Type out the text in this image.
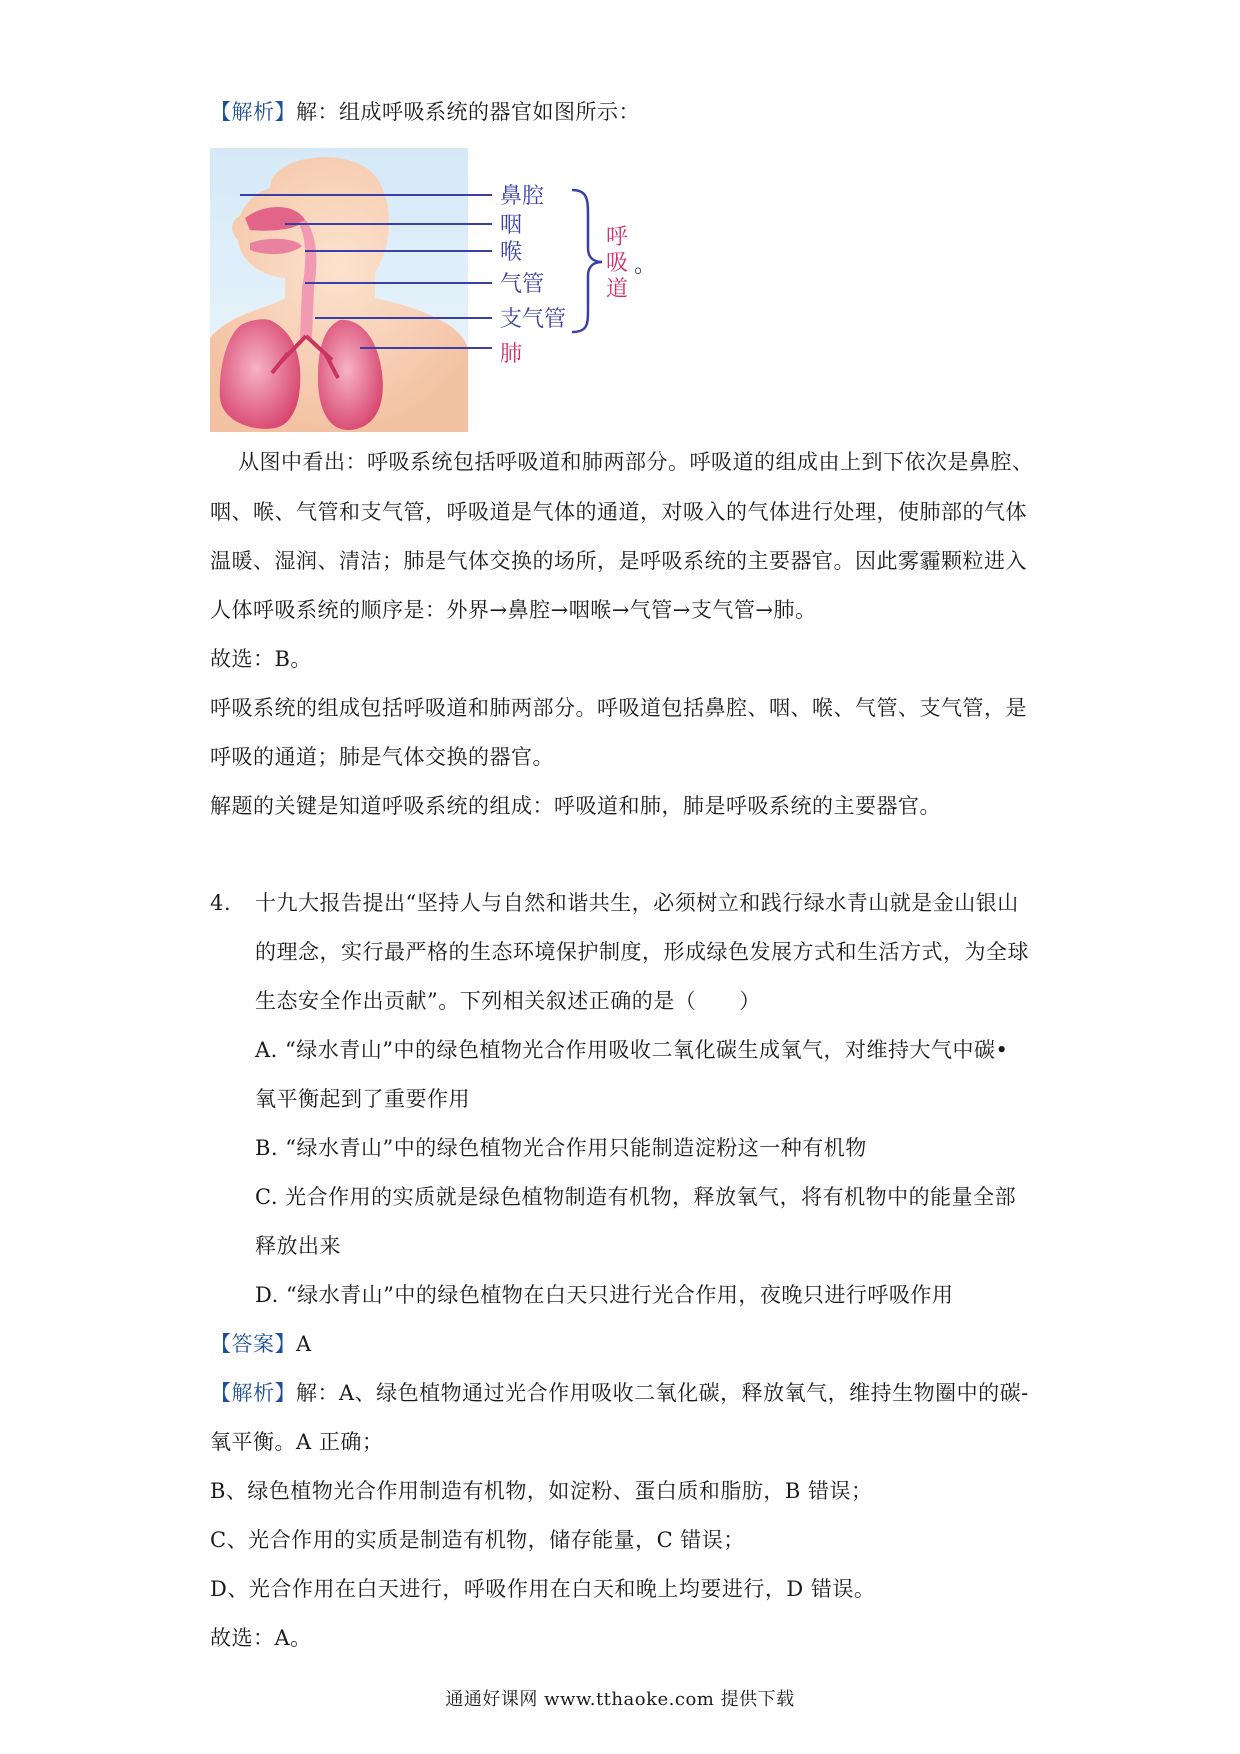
【解析】解：组成呼吸系统的器官如图所示：
鼻腔
咽
喉
气管
支气管
肺
呼 吸 道
。
从图中看出：呼吸系统包括呼吸道和肺两部分。呼吸道的组成由上到下依次是鼻腔、
咽、喉、气管和支气管，呼吸道是气体的通道，对吸入的气体进行处理，使肺部的气体
温暖、湿润、清洁；肺是气体交换的场所，是呼吸系统的主要器官。因此雾霾颗粒进入
人体呼吸系统的顺序是：外界→鼻腔→咽喉→气管→支气管→肺。
故选：B。
呼吸系统的组成包括呼吸道和肺两部分。呼吸道包括鼻腔、咽、喉、气管、支气管，是
呼吸的通道；肺是气体交换的器官。
解题的关键是知道呼吸系统的组成：呼吸道和肺，肺是呼吸系统的主要器官。
4. 十九大报告提出“坚持人与自然和谐共生，必须树立和践行绿水青山就是金山银山
的理念，实行最严格的生态环境保护制度，形成绿色发展方式和生活方式，为全球
生态安全作出贡献”。下列相关叙述正确的是（　　）
A. “绿水青山”中的绿色植物光合作用吸收二氧化碳生成氧气，对维持大气中碳•
氧平衡起到了重要作用
B. “绿水青山”中的绿色植物光合作用只能制造淀粉这一种有机物
C. 光合作用的实质就是绿色植物制造有机物，释放氧气，将有机物中的能量全部
释放出来
D. “绿水青山”中的绿色植物在白天只进行光合作用，夜晚只进行呼吸作用
【答案】A
【解析】解：A、绿色植物通过光合作用吸收二氧化碳，释放氧气，维持生物圈中的碳-
氧平衡。A 正确；
B、绿色植物光合作用制造有机物，如淀粉、蛋白质和脂肪，B 错误；
C、光合作用的实质是制造有机物，储存能量，C 错误；
D、光合作用在白天进行，呼吸作用在白天和晚上均要进行，D 错误。
故选：A。
通通好课网 www.tthaoke.com 提供下载
